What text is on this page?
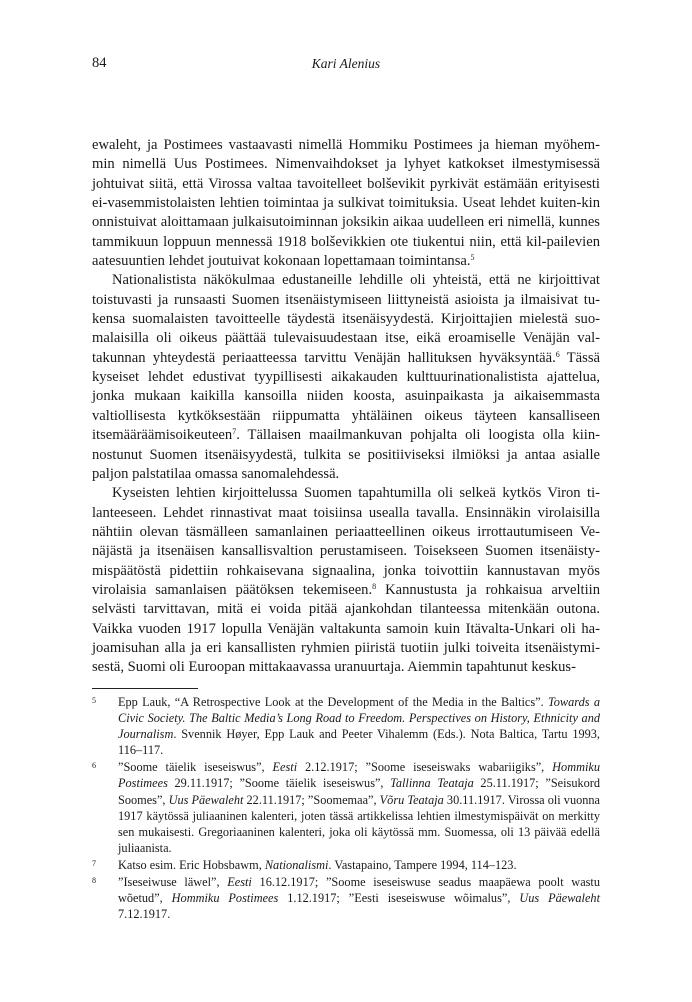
84	Kari Alenius

ewaleht, ja Postimees vastaavasti nimellä Hommiku Postimees ja hieman myöhem-min nimellä Uus Postimees. Nimenvaihdokset ja lyhyet katkokset ilmestymisessä johtuivat siitä, että Virossa valtaa tavoitelleet bolševikit pyrkivät estämään erityisesti ei-vasemmistolaisten lehtien toimintaa ja sulkivat toimituksia. Useat lehdet kuiten-kin onnistuivat aloittamaan julkaisutoiminnan joksikin aikaa uudelleen eri nimellä, kunnes tammikuun loppuun mennessä 1918 bolševikkien ote tiukentui niin, että kil-pailevien aatesuuntien lehdet joutuivat kokonaan lopettamaan toimintansa.$^5$

Nationalistista näkökulmaa edustaneille lehdille oli yhteistä, että ne kirjoittivat toistuvasti ja runsaasti Suomen itsenäistymiseen liittyneistä asioista ja ilmaisivat tu-kensa suomalaisten tavoitteelle täydestä itsenäisyydestä. Kirjoittajien mielestä suo-malaisilla oli oikeus päättää tulevaisuudestaan itse, eikä eroamiselle Venäjän val-takunnan yhteydestä periaatteessa tarvittu Venäjän hallituksen hyväksyntää.$^6$ Tässä kyseiset lehdet edustivat tyypillisesti aikakauden kulttuurinationalistista ajattelua, jonka mukaan kaikilla kansoilla niiden koosta, asuinpaikasta ja aikaisemmasta valtiollisesta kytköksestään riippumatta yhtäläinen oikeus täyteen kansalliseen itsemääräämisoikeuteen$^7$. Tällaisen maailmankuvan pohjalta oli loogista olla kiin-nostunut Suomen itsenäisyydestä, tulkita se positiiviseksi ilmiöksi ja antaa asialle paljon palstatilaa omassa sanomalehdessä.

Kyseisten lehtien kirjoittelussa Suomen tapahtumilla oli selkeä kytkös Viron ti-lanteeseen. Lehdet rinnastivat maat toisiinsa usealla tavalla. Ensinnäkin virolaisilla nähtiin olevan täsmälleen samanlainen periaatteellinen oikeus irrottautumiseen Ve-näjästä ja itsenäisen kansallisvaltion perustamiseen. Toisekseen Suomen itsenäisty-mispäätöstä pidettiin rohkaisevana signaalina, jonka toivottiin kannustavan myös virolaisia samanlaisen päätöksen tekemiseen.$^8$ Kannustusta ja rohkaisua arveltiin selvästi tarvittavan, mitä ei voida pitää ajankohdan tilanteessa mitenkään outona. Vaikka vuoden 1917 lopulla Venäjän valtakunta samoin kuin Itävalta-Unkari oli ha-joamisuhan alla ja eri kansallisten ryhmien piiristä tuotiin julki toiveita itsenäistymi-sestä, Suomi oli Euroopan mittakaavassa uranuurtaja. Aiemmin tapahtunut keskus-

5	Epp Lauk, “A Retrospective Look at the Development of the Media in the Baltics”. Towards a Civic Society. The Baltic Media’s Long Road to Freedom. Perspectives on History, Ethnicity and Journalism. Svennik Høyer, Epp Lauk and Peeter Vihalemm (Eds.). Nota Baltica, Tartu 1993, 116–117.
6	”Soome täielik iseseiswus”, Eesti 2.12.1917; ”Soome iseseiswaks wabariigiks”, Hommiku Postimees 29.11.1917; ”Soome täielik iseseiswus”, Tallinna Teataja 25.11.1917; ”Seisukord Soomes”, Uus Päewaleht 22.11.1917; ”Soomemaa”, Võru Teataja 30.11.1917. Virossa oli vuonna 1917 käytössä juliaaninen kalenteri, joten tässä artikkelissa lehtien ilmestymispäivät on merkitty sen mukaisesti. Gregoriaaninen kalenteri, joka oli käytössä mm. Suomessa, oli 13 päivää edellä juliaanista.
7	Katso esim. Eric Hobsbawm, Nationalismi. Vastapaino, Tampere 1994, 114–123.
8	”Iseseiwuse läwel”, Eesti 16.12.1917; ”Soome iseseiswuse seadus maapäewa poolt wastu wõetud”, Hommiku Postimees 1.12.1917; ”Eesti iseseiswuse wõimalus”, Uus Päewaleht 7.12.1917.
